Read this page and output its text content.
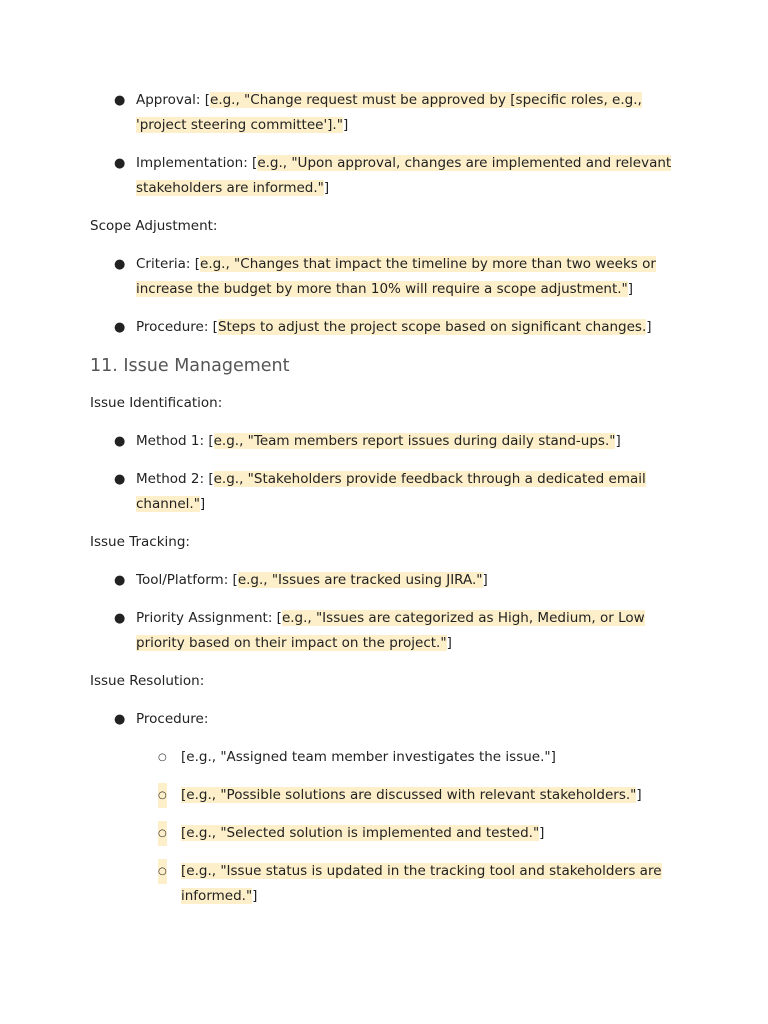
● Approval: [e.g., "Change request must be approved by [specific roles, e.g., 'project steering committee']."]
● Implementation: [e.g., "Upon approval, changes are implemented and relevant stakeholders are informed."]

Scope Adjustment:

● Criteria: [e.g., "Changes that impact the timeline by more than two weeks or increase the budget by more than 10% will require a scope adjustment."]
● Procedure: [Steps to adjust the project scope based on significant changes.]
11. Issue Management

Issue Identification:

● Method 1: [e.g., "Team members report issues during daily stand-ups."]
● Method 2: [e.g., "Stakeholders provide feedback through a dedicated email channel."]

Issue Tracking:

● Tool/Platform: [e.g., "Issues are tracked using JIRA."]
● Priority Assignment: [e.g., "Issues are categorized as High, Medium, or Low priority based on their impact on the project."]

Issue Resolution:

● Procedure:
○ [e.g., "Assigned team member investigates the issue."]
○ [e.g., "Possible solutions are discussed with relevant stakeholders."]
○ [e.g., "Selected solution is implemented and tested."]
○ [e.g., "Issue status is updated in the tracking tool and stakeholders are informed."]
